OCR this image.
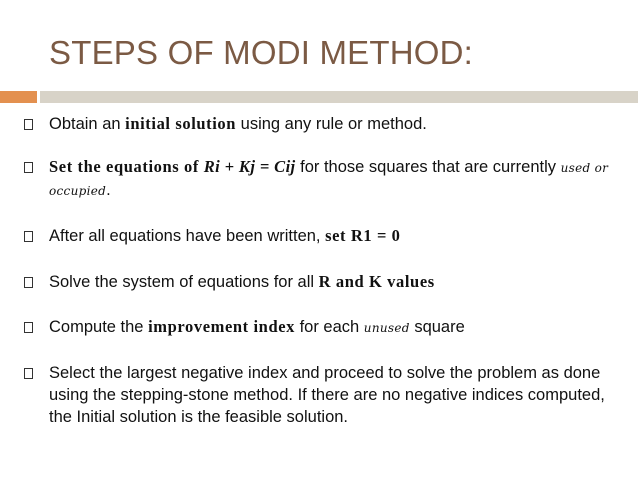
STEPS OF MODI METHOD:
Obtain an initial solution using any rule or method.
Set the equations of Ri + Kj = Cij for those squares that are currently used or occupied.
After all equations have been written, set R1 = 0
Solve the system of equations for all R and K values
Compute the improvement index for each unused square
Select the largest negative index and proceed to solve the problem as done using the stepping-stone method. If there are no negative indices computed, the Initial solution is the feasible solution.
